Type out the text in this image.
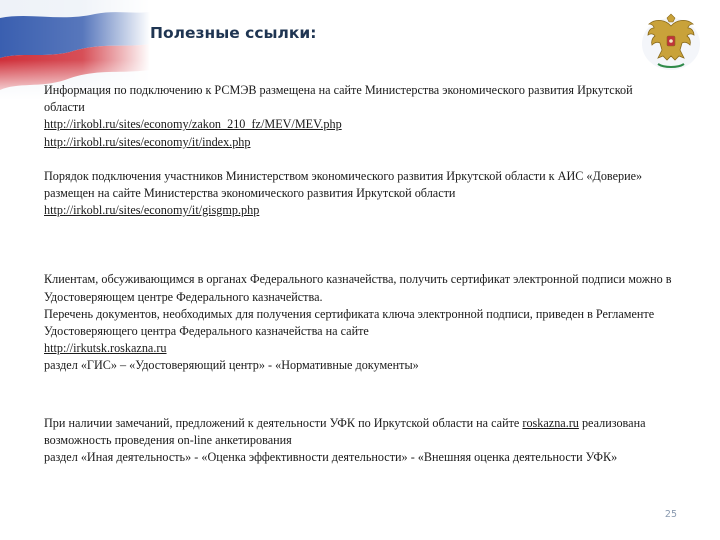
Полезные ссылки:

Информация по подключению к РСМЭВ размещена на сайте Министерства экономического развития Иркутской области

http://irkobl.ru/sites/economy/zakon_210_fz/MEV/MEV.php

http://irkobl.ru/sites/economy/it/index.php

Порядок подключения участников Министерством экономического развития Иркутской области к АИС «Доверие» размещен на сайте Министерства экономического развития Иркутской области

http://irkobl.ru/sites/economy/it/gisgmp.php

Клиентам, обсуживающимся в органах Федерального казначейства, получить сертификат электронной подписи можно в Удостоверяющем центре Федерального казначейства.

Перечень документов, необходимых для получения сертификата ключа электронной подписи, приведен в Регламенте Удостоверяющего центра Федерального казначейства на сайте

http://irkutsk.roskazna.ru

раздел «ГИС» – «Удостоверяющий центр» - «Нормативные документы»

При наличии замечаний, предложений к деятельности УФК по Иркутской области на сайте roskazna.ru реализована возможность проведения on-line анкетирования

раздел «Иная деятельность» - «Оценка эффективности деятельности» - «Внешняя оценка деятельности УФК»

25
